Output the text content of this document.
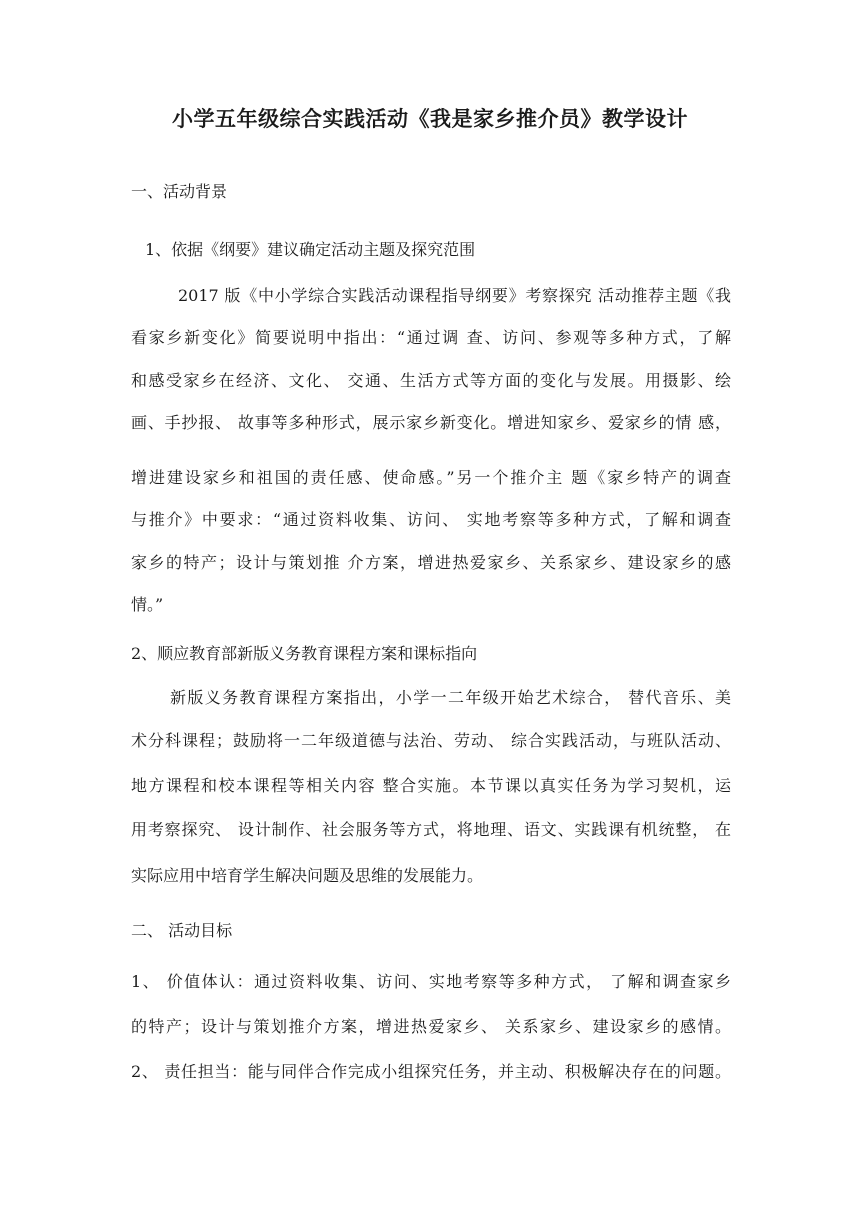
小学五年级综合实践活动《我是家乡推介员》教学设计

一、活动背景

1、依据《纲要》建议确定活动主题及探究范围

2017 版《中小学综合实践活动课程指导纲要》考察探究 活动推荐主题《我

看家乡新变化》简要说明中指出：“通过调 查、访问、参观等多种方式，了解

和感受家乡在经济、文化、 交通、生活方式等方面的变化与发展。用摄影、绘

画、手抄报、 故事等多种形式，展示家乡新变化。增进知家乡、爱家乡的情 感，

增进建设家乡和祖国的责任感、使命感。”另一个推介主 题《家乡特产的调查

与推介》中要求：“通过资料收集、访问、 实地考察等多种方式，了解和调查

家乡的特产；设计与策划推 介方案，增进热爱家乡、关系家乡、建设家乡的感

情。”

2、顺应教育部新版义务教育课程方案和课标指向

新版义务教育课程方案指出，小学一二年级开始艺术综合， 替代音乐、美

术分科课程；鼓励将一二年级道德与法治、劳动、 综合实践活动，与班队活动、

地方课程和校本课程等相关内容 整合实施。本节课以真实任务为学习契机，运

用考察探究、 设计制作、社会服务等方式，将地理、语文、实践课有机统整， 在

实际应用中培育学生解决问题及思维的发展能力。

二、 活动目标

1、 价值体认：通过资料收集、访问、实地考察等多种方式， 了解和调查家乡

的特产；设计与策划推介方案，增进热爱家乡、 关系家乡、建设家乡的感情。

2、 责任担当：能与同伴合作完成小组探究任务，并主动、积极解决存在的问题。
